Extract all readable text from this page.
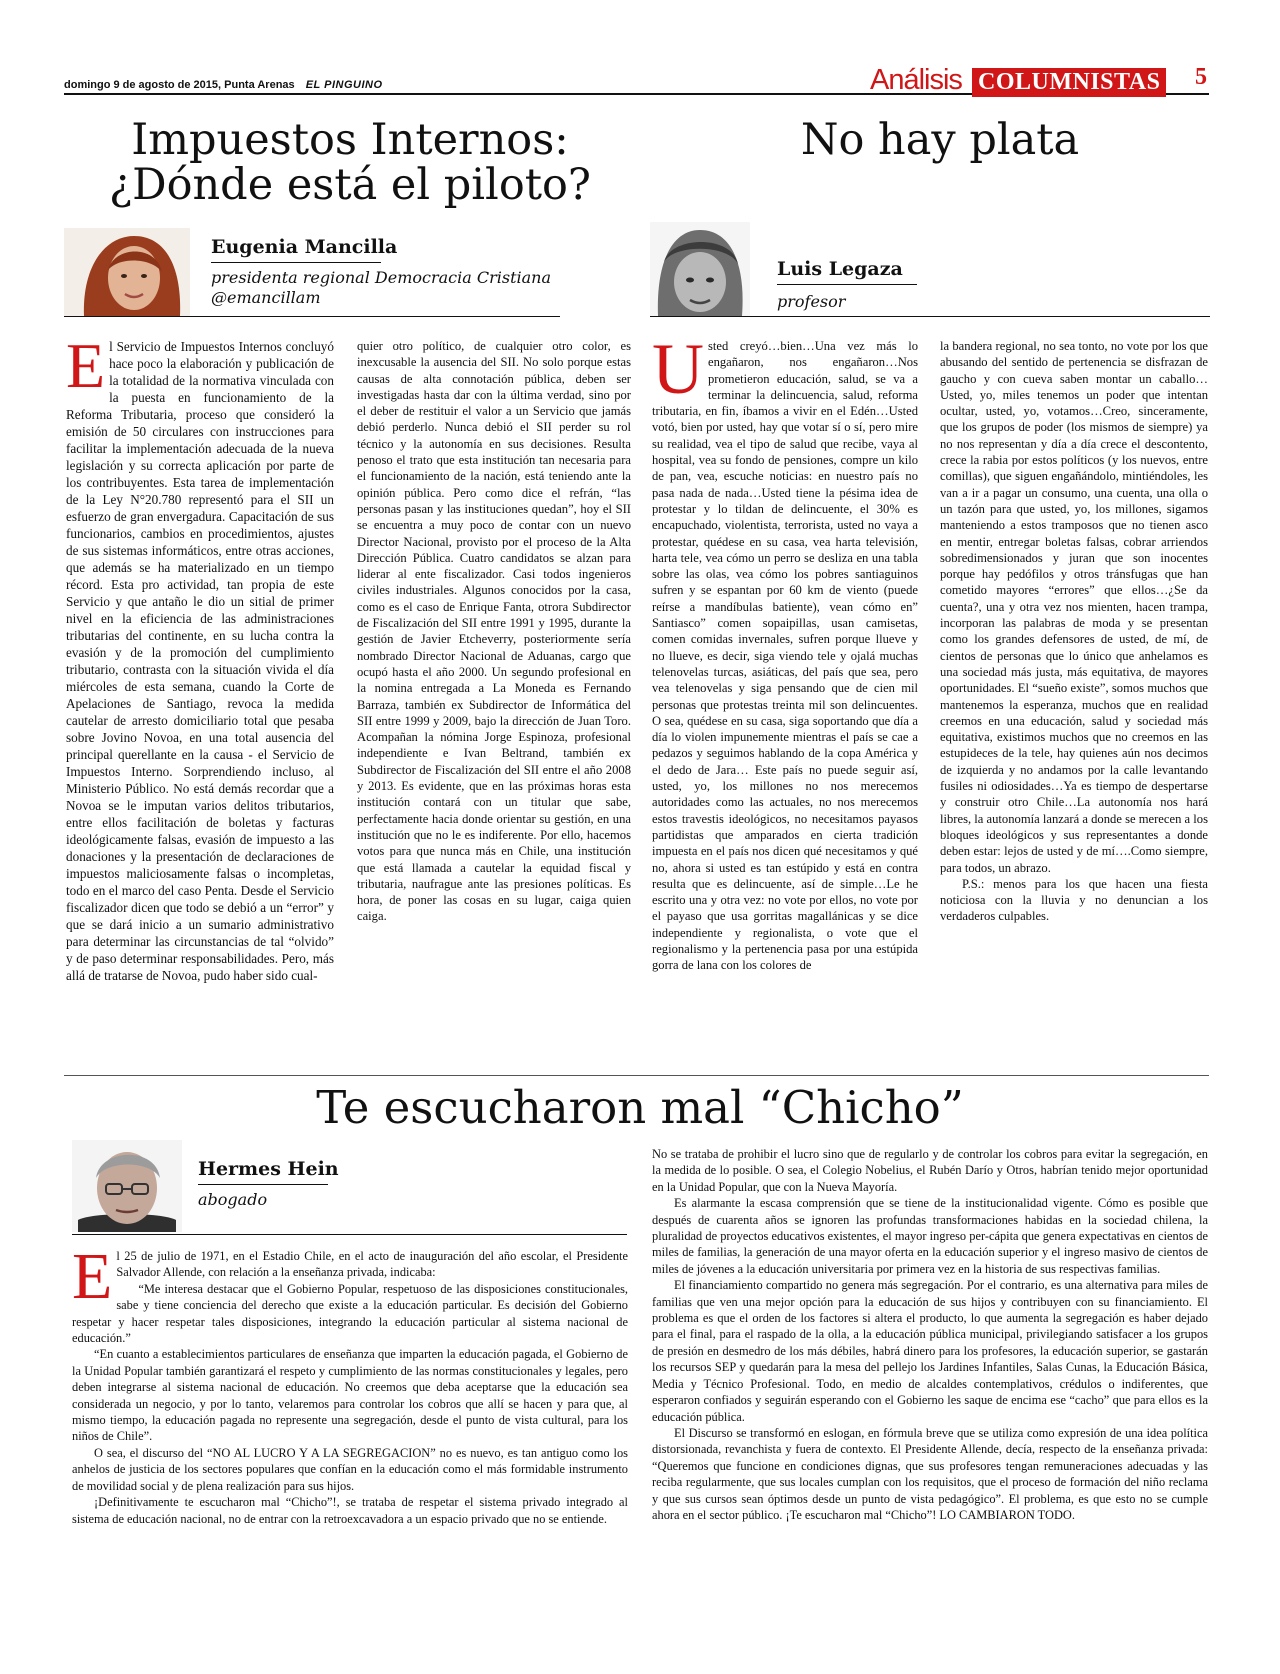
domingo 9 de agosto de 2015, Punta Arenas EL PINGUINO	Análisis COLUMNISTAS 5
Impuestos Internos:
¿Dónde está el piloto?
Eugenia Mancilla
presidenta regional Democracia Cristiana
@emancillam
E l Servicio de Impuestos Internos concluyó hace poco la elaboración y publicación de la totalidad de la normativa vinculada con la puesta en funcionamiento de la Reforma Tributaria, proceso que consideró la emisión de 50 circulares con instrucciones para facilitar la implementación adecuada de la nueva legislación y su correcta aplicación por parte de los contribuyentes. Esta tarea de implementación de la Ley N°20.780 representó para el SII un esfuerzo de gran envergadura. Capacitación de sus funcionarios, cambios en procedimientos, ajustes de sus sistemas informáticos, entre otras acciones, que además se ha materializado en un tiempo récord. Esta pro actividad, tan propia de este Servicio y que antaño le dio un sitial de primer nivel en la eficiencia de las administraciones tributarias del continente, en su lucha contra la evasión y de la promoción del cumplimiento tributario, contrasta con la situación vivida el día miércoles de esta semana, cuando la Corte de Apelaciones de Santiago, revoca la medida cautelar de arresto domiciliario total que pesaba sobre Jovino Novoa, en una total ausencia del principal querellante en la causa - el Servicio de Impuestos Interno. Sorprendiendo incluso, al Ministerio Público. No está demás recordar que a Novoa se le imputan varios delitos tributarios, entre ellos facilitación de boletas y facturas ideológicamente falsas, evasión de impuesto a las donaciones y la presentación de declaraciones de impuestos maliciosamente falsas o incompletas, todo en el marco del caso Penta. Desde el Servicio fiscalizador dicen que todo se debió a un “error” y que se dará inicio a un sumario administrativo para determinar las circunstancias de tal “olvido” y de paso determinar responsabilidades. Pero, más allá de tratarse de Novoa, pudo haber sido cual-
quier otro político, de cualquier otro color, es inexcusable la ausencia del SII. No solo porque estas causas de alta connotación pública, deben ser investigadas hasta dar con la última verdad, sino por el deber de restituir el valor a un Servicio que jamás debió perderlo. Nunca debió el SII perder su rol técnico y la autonomía en sus decisiones. Resulta penoso el trato que esta institución tan necesaria para el funcionamiento de la nación, está teniendo ante la opinión pública. Pero como dice el refrán, “las personas pasan y las instituciones quedan”, hoy el SII se encuentra a muy poco de contar con un nuevo Director Nacional, provisto por el proceso de la Alta Dirección Pública. Cuatro candidatos se alzan para liderar al ente fiscalizador. Casi todos ingenieros civiles industriales. Algunos conocidos por la casa, como es el caso de Enrique Fanta, otrora Subdirector de Fiscalización del SII entre 1991 y 1995, durante la gestión de Javier Etcheverry, posteriormente sería nombrado Director Nacional de Aduanas, cargo que ocupó hasta el año 2000. Un segundo profesional en la nomina entregada a La Moneda es Fernando Barraza, también ex Subdirector de Informática del SII entre 1999 y 2009, bajo la dirección de Juan Toro. Acompañan la nómina Jorge Espinoza, profesional independiente e Ivan Beltrand, también ex Subdirector de Fiscalización del SII entre el año 2008 y 2013. Es evidente, que en las próximas horas esta institución contará con un titular que sabe, perfectamente hacia donde orientar su gestión, en una institución que no le es indiferente. Por ello, hacemos votos para que nunca más en Chile, una institución que está llamada a cautelar la equidad fiscal y tributaria, naufrague ante las presiones políticas. Es hora, de poner las cosas en su lugar, caiga quien caiga.
No hay plata
Luis Legaza
profesor
U sted creyó…bien…Una vez más lo engañaron, nos engañaron…Nos prometieron educación, salud, se va a terminar la delincuencia, salud, reforma tributaria, en fin, íbamos a vivir en el Edén…Usted votó, bien por usted, hay que votar sí o sí, pero mire su realidad, vea el tipo de salud que recibe, vaya al hospital, vea su fondo de pensiones, compre un kilo de pan, vea, escuche noticias: en nuestro país no pasa nada de nada…Usted tiene la pésima idea de protestar y lo tildan de delincuente, el 30% es encapuchado, violentista, terrorista, usted no vaya a protestar, quédese en su casa, vea harta televisión, harta tele, vea cómo un perro se desliza en una tabla sobre las olas, vea cómo los pobres santiaguinos sufren y se espantan por 60 km de viento (puede reírse a mandíbulas batiente), vean cómo en” Santiasco” comen sopaipillas, usan camisetas, comen comidas invernales, sufren porque llueve y no llueve, es decir, siga viendo tele y ojalá muchas telenovelas turcas, asiáticas, del país que sea, pero vea telenovelas y siga pensando que de cien mil personas que protestas treinta mil son delincuentes. O sea, quédese en su casa, siga soportando que día a día lo violen impunemente mientras el país se cae a pedazos y seguimos hablando de la copa América y el dedo de Jara… Este país no puede seguir así, usted, yo, los millones no nos merecemos autoridades como las actuales, no nos merecemos estos travestis ideológicos, no necesitamos payasos partidistas que amparados en cierta tradición impuesta en el país nos dicen qué necesitamos y qué no, ahora si usted es tan estúpido y está en contra resulta que es delincuente, así de simple…Le he escrito una y otra vez: no vote por ellos, no vote por el payaso que usa gorritas magallánicas y se dice independiente y regionalista, o vote que el regionalismo y la pertenencia pasa por una estúpida gorra de lana con los colores de

la bandera regional, no sea tonto, no vote por los que abusando del sentido de pertenencia se disfrazan de gaucho y con cueva saben montar un caballo…Usted, yo, miles tenemos un poder que intentan ocultar, usted, yo, votamos…Creo, sinceramente, que los grupos de poder (los mismos de siempre) ya no nos representan y día a día crece el descontento, crece la rabia por estos políticos (y los nuevos, entre comillas), que siguen engañándolo, mintiéndoles, les van a ir a pagar un consumo, una cuenta, una olla o un tazón para que usted, yo, los millones, sigamos manteniendo a estos tramposos que no tienen asco en mentir, entregar boletas falsas, cobrar arriendos sobredimensionados y juran que son inocentes porque hay pedófilos y otros tránsfugas que han cometido mayores “errores” que ellos…¿Se da cuenta?, una y otra vez nos mienten, hacen trampa, incorporan las palabras de moda y se presentan como los grandes defensores de usted, de mí, de cientos de personas que lo único que anhelamos es una sociedad más justa, más equitativa, de mayores oportunidades. El “sueño existe”, somos muchos que mantenemos la esperanza, muchos que en realidad creemos en una educación, salud y sociedad más equitativa, existimos muchos que no creemos en las estupideces de la tele, hay quienes aún nos decimos de izquierda y no andamos por la calle levantando fusiles ni odiosidades…Ya es tiempo de despertarse y construir otro Chile…La autonomía nos hará libres, la autonomía lanzará a donde se merecen a los bloques ideológicos y sus representantes a donde deben estar: lejos de usted y de mí….Como siempre, para todos, un abrazo.

P.S.: menos para los que hacen una fiesta noticiosa con la lluvia y no denuncian a los verdaderos culpables.

Te escucharon mal “Chicho”
Hermes Hein
abogado

E l 25 de julio de 1971, en el Estadio Chile, en el acto de inauguración del año escolar, el Presidente Salvador Allende, con relación a la enseñanza privada, indicaba:

“Me interesa destacar que el Gobierno Popular, respetuoso de las disposiciones constitucionales, sabe y tiene conciencia del derecho que existe a la educación particular. Es decisión del Gobierno respetar y hacer respetar tales disposiciones, integrando la educación particular al sistema nacional de educación.”

“En cuanto a establecimientos particulares de enseñanza que imparten la educación pagada, el Gobierno de la Unidad Popular también garantizará el respeto y cumplimiento de las normas constitucionales y legales, pero deben integrarse al sistema nacional de educación. No creemos que deba aceptarse que la educación sea considerada un negocio, y por lo tanto, velaremos para controlar los cobros que allí se hacen y para que, al mismo tiempo, la educación pagada no represente una segregación, desde el punto de vista cultural, para los niños de Chile”.

O sea, el discurso del “NO AL LUCRO Y A LA SEGREGACION” no es nuevo, es tan antiguo como los anhelos de justicia de los sectores populares que confían en la educación como el más formidable instrumento de movilidad social y de plena realización para sus hijos.

¡Definitivamente te escucharon mal “Chicho”!, se trataba de respetar el sistema privado integrado al sistema de educación nacional, no de entrar con la retroexcavadora a un espacio privado que no se entiende.

No se trataba de prohibir el lucro sino que de regularlo y de controlar los cobros para evitar la segregación, en la medida de lo posible. O sea, el Colegio Nobelius, el Rubén Darío y Otros, habrían tenido mejor oportunidad en la Unidad Popular, que con la Nueva Mayoría.

Es alarmante la escasa comprensión que se tiene de la institucionalidad vigente. Cómo es posible que después de cuarenta años se ignoren las profundas transformaciones habidas en la sociedad chilena, la pluralidad de proyectos educativos existentes, el mayor ingreso per-cápita que genera expectativas en cientos de miles de familias, la generación de una mayor oferta en la educación superior y el ingreso masivo de cientos de miles de jóvenes a la educación universitaria por primera vez en la historia de sus respectivas familias.

El financiamiento compartido no genera más segregación. Por el contrario, es una alternativa para miles de familias que ven una mejor opción para la educación de sus hijos y contribuyen con su financiamiento. El problema es que el orden de los factores si altera el producto, lo que aumenta la segregación es haber dejado para el final, para el raspado de la olla, a la educación pública municipal, privilegiando satisfacer a los grupos de presión en desmedro de los más débiles, habrá dinero para los profesores, la educación superior, se gastarán los recursos SEP y quedarán para la mesa del pellejo los Jardines Infantiles, Salas Cunas, la Educación Básica, Media y Técnico Profesional. Todo, en medio de alcaldes contemplativos, crédulos o indiferentes, que esperaron confiados y seguirán esperando con el Gobierno les saque de encima ese “cacho” que para ellos es la educación pública.

El Discurso se transformó en eslogan, en fórmula breve que se utiliza como expresión de una idea política distorsionada, revanchista y fuera de contexto. El Presidente Allende, decía, respecto de la enseñanza privada: “Queremos que funcione en condiciones dignas, que sus profesores tengan remuneraciones adecuadas y las reciba regularmente, que sus locales cumplan con los requisitos, que el proceso de formación del niño reclama y que sus cursos sean óptimos desde un punto de vista pedagógico”. El problema, es que esto no se cumple ahora en el sector público. ¡Te escucharon mal “Chicho”! LO CAMBIARON TODO.
